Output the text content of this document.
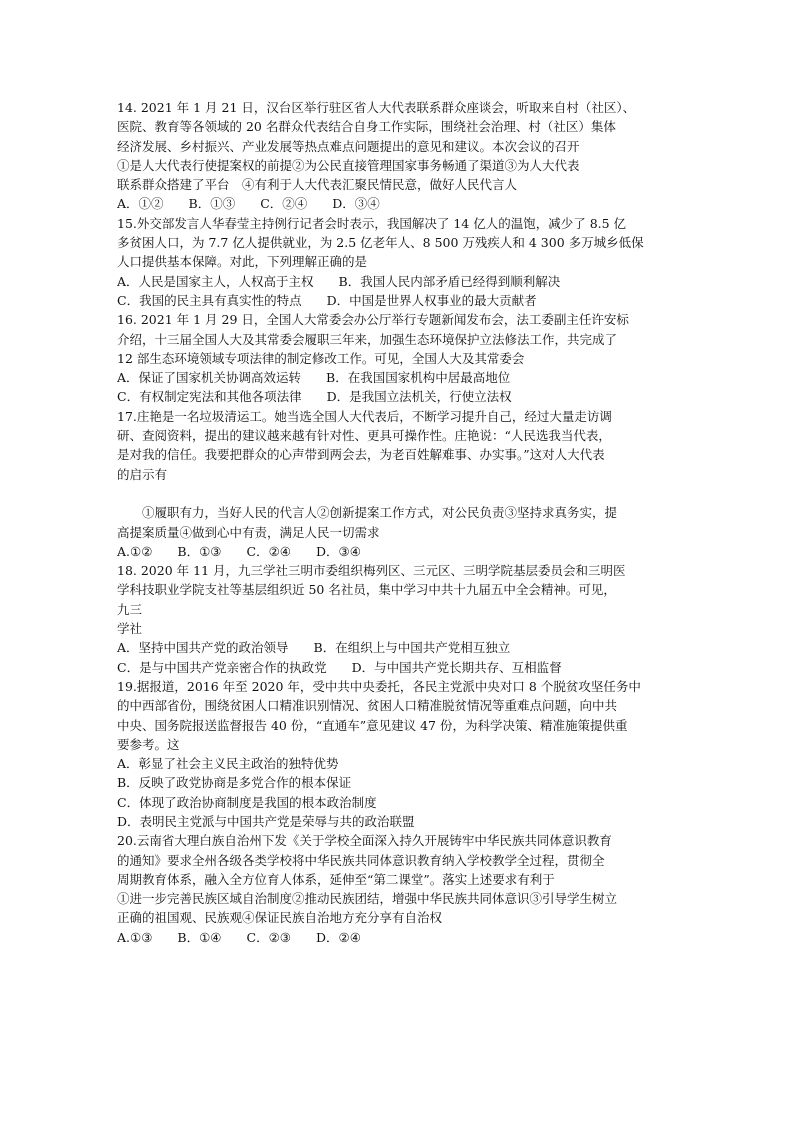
14. 2021 年 1 月 21 日，汉台区举行驻区省人大代表联系群众座谈会，听取来自村（社区）、
医院、教育等各领域的 20 名群众代表结合自身工作实际，围绕社会治理、村（社区）集体
经济发展、乡村振兴、产业发展等热点难点问题提出的意见和建议。本次会议的召开
①是人大代表行使提案权的前提②为公民直接管理国家事务畅通了渠道③为人大代表
联系群众搭建了平台　④有利于人大代表汇聚民情民意，做好人民代言人
A．①②　　B．①③　　C．②④　　D．③④
15.外交部发言人华春莹主持例行记者会时表示，我国解决了 14 亿人的温饱，减少了 8.5 亿
多贫困人口，为 7.7 亿人提供就业，为 2.5 亿老年人、8 500 万残疾人和 4 300 多万城乡低保
人口提供基本保障。对此，下列理解正确的是
A．人民是国家主人，人权高于主权　　B．我国人民内部矛盾已经得到顺利解决
C．我国的民主具有真实性的特点　　D．中国是世界人权事业的最大贡献者
16. 2021 年 1 月 29 日，全国人大常委会办公厅举行专题新闻发布会，法工委副主任许安标
介绍，十三届全国人大及其常委会履职三年来，加强生态环境保护立法修法工作，共完成了
12 部生态环境领域专项法律的制定修改工作。可见，全国人大及其常委会
A．保证了国家机关协调高效运转　　B．在我国国家机构中居最高地位
C．有权制定宪法和其他各项法律　　D．是我国立法机关，行使立法权
17.庄艳是一名垃圾清运工。她当选全国人大代表后，不断学习提升自己，经过大量走访调
研、查阅资料，提出的建议越来越有针对性、更具可操作性。庄艳说：“人民选我当代表，
是对我的信任。我要把群众的心声带到两会去，为老百姓解难事、办实事。”这对人大代表
的启示有
①履职有力，当好人民的代言人②创新提案工作方式，对公民负责③坚持求真务实，提
高提案质量④做到心中有责，满足人民一切需求
A.①②　　B．①③　　C．②④　　D．③④
18. 2020 年 11 月，九三学社三明市委组织梅列区、三元区、三明学院基层委员会和三明医
学科技职业学院支社等基层组织近 50 名社员，集中学习中共十九届五中全会精神。可见，
九三
学社
A．坚持中国共产党的政治领导　　B．在组织上与中国共产党相互独立
C．是与中国共产党亲密合作的执政党　　D．与中国共产党长期共存、互相监督
19.据报道，2016 年至 2020 年，受中共中央委托，各民主党派中央对口 8 个脱贫攻坚任务中
的中西部省份，围绕贫困人口精准识别情况、贫困人口精准脱贫情况等重难点问题，向中共
中央、国务院报送监督报告 40 份，“直通车”意见建议 47 份，为科学决策、精准施策提供重
要参考。这
A．彰显了社会主义民主政治的独特优势
B．反映了政党协商是多党合作的根本保证
C．体现了政治协商制度是我国的根本政治制度
D．表明民主党派与中国共产党是荣辱与共的政治联盟
20.云南省大理白族自治州下发《关于学校全面深入持久开展铸牢中华民族共同体意识教育
的通知》要求全州各级各类学校将中华民族共同体意识教育纳入学校教学全过程，贯彻全
周期教育体系，融入全方位育人体系，延伸至“第二课堂”。落实上述要求有利于
①进一步完善民族区域自治制度②推动民族团结，增强中华民族共同体意识③引导学生树立
正确的祖国观、民族观④保证民族自治地方充分享有自治权
A.①③　　B．①④　　C．②③　　D．②④
